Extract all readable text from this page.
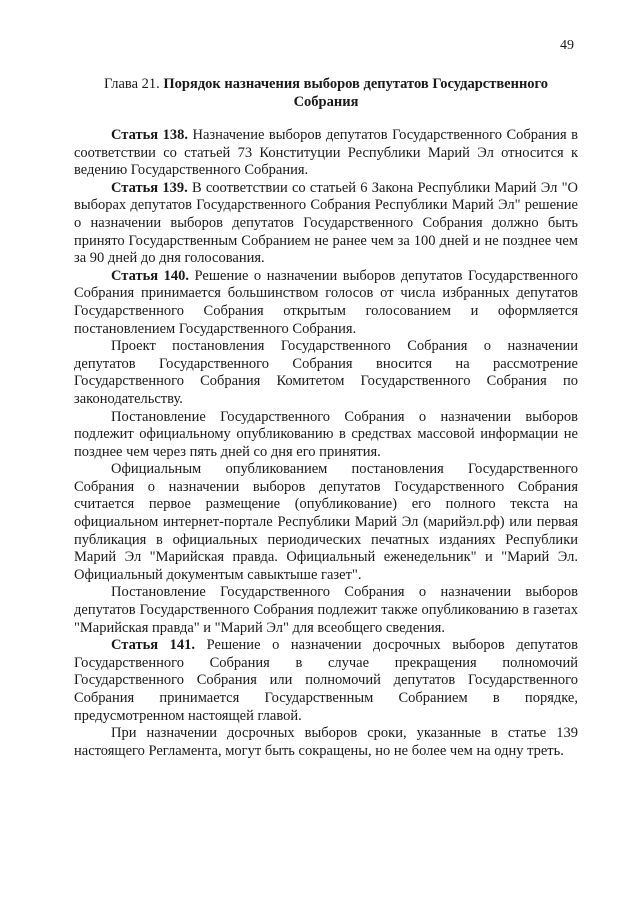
49
Глава 21. Порядок назначения выборов депутатов Государственного Собрания

Статья 138. Назначение выборов депутатов Государственного Собрания в соответствии со статьей 73 Конституции Республики Марий Эл относится к ведению Государственного Собрания.

Статья 139. В соответствии со статьей 6 Закона Республики Марий Эл "О выборах депутатов Государственного Собрания Республики Марий Эл" решение о назначении выборов депутатов Государственного Собрания должно быть принято Государственным Собранием не ранее чем за 100 дней и не позднее чем за 90 дней до дня голосования.

Статья 140. Решение о назначении выборов депутатов Государственного Собрания принимается большинством голосов от числа избранных депутатов Государственного Собрания открытым голосованием и оформляется постановлением Государственного Собрания.

Проект постановления Государственного Собрания о назначении депутатов Государственного Собрания вносится на рассмотрение Государственного Собрания Комитетом Государственного Собрания по законодательству.

Постановление Государственного Собрания о назначении выборов подлежит официальному опубликованию в средствах массовой информации не позднее чем через пять дней со дня его принятия.

Официальным опубликованием постановления Государственного Собрания о назначении выборов депутатов Государственного Собрания считается первое размещение (опубликование) его полного текста на официальном интернет-портале Республики Марий Эл (марийэл.рф) или первая публикация в официальных периодических печатных изданиях Республики Марий Эл "Марийская правда. Официальный еженедельник" и "Марий Эл. Официальный документым савыктыше газет".

Постановление Государственного Собрания о назначении выборов депутатов Государственного Собрания подлежит также опубликованию в газетах "Марийская правда" и "Марий Эл" для всеобщего сведения.

Статья 141. Решение о назначении досрочных выборов депутатов Государственного Собрания в случае прекращения полномочий Государственного Собрания или полномочий депутатов Государственного Собрания принимается Государственным Собранием в порядке, предусмотренном настоящей главой.

При назначении досрочных выборов сроки, указанные в статье 139 настоящего Регламента, могут быть сокращены, но не более чем на одну треть.
